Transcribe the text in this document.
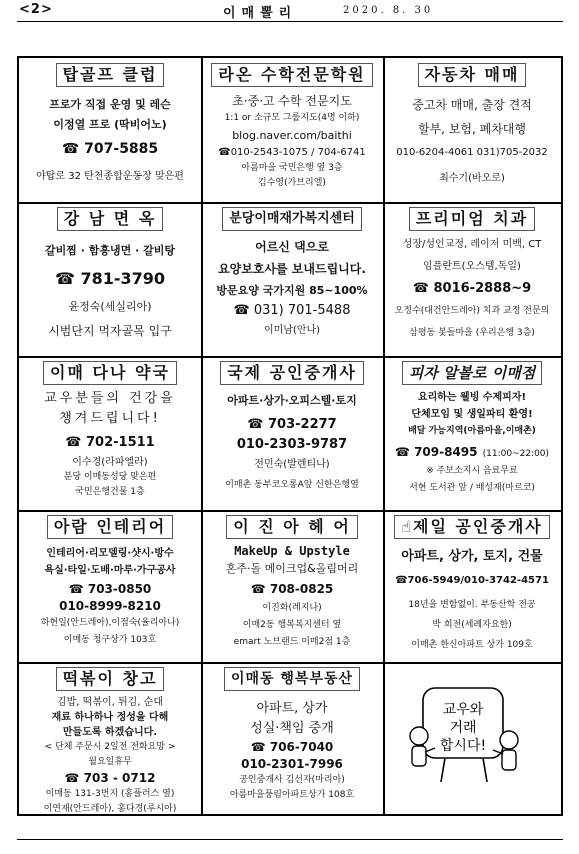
<2>	이매뽈리	2020. 8. 30
탑골프 클럽
프로가 직접 운영 및 레슨
이정열 프로 (딱비어노)
☎ 707-5885
야탑로 32 탄천종합운동장 맞은편
라온 수학전문학원
초·중·고 수학 전문지도
1:1 or 소규모 그룹지도(4명 이하)
blog.naver.com/baithi
☎010-2543-1075 / 704-6741
아름마을 국민은행 옆 3층
김수영(가브리엘)
자동차 매매
중고차 매매, 출장 견적
할부, 보험, 폐차대행
010-6204-4061 031)705-2032
최수기(바오로)
강 남 면 옥
갈비찜 · 함흥냉면 · 갈비탕
☎ 781-3790
윤정숙(세실리아)
시범단지 먹자골목 입구
분당이매재가복지센터
어르신 댁으로
요양보호사를 보내드립니다.
방문요양 국가지원 85~100%
☎ 031) 701-5488
이미남(안나)
프리미엄 치과
성장/성인교정, 레이저 미백, CT
임플란트(오스템,독일)
☎ 8016-2888~9
오정수(대건안드레아) 치과 교정 전문의
삼평동 봇들마을 (우리은행 3층)
이매 다나 약국
교우분들의 건강을
챙겨드립니다!
☎ 702-1511
이수경(라파엘라)
분당 이매동성당 맞은편
국민은행건물 1층
국제 공인중개사
아파트·상가·오피스텔·토지
☎ 703-2277
010-2303-9787
전민숙(발렌티나)
이매촌 동부코오롱A앞 신한은행옆
피자 알볼로 이매점
요리하는 웰빙 수제피자!
단체모임 및 생일파티 환영!
배달 가능지역(아름마을,이매촌)
☎ 709-8495 (11:00~22:00)
※ 주보소지시 음료무료
서현 도서관 앞 / 배성재(마르코)
아람 인테리어
인테리어·리모델링·샷시·방수
욕실·타일·도배·마루·가구공사
☎ 703-0850
010-8999-8210
하현일(안드레아),이점숙(율리아나)
이매동 청구상가 103호
이 진 아 헤 어
MakeUp & Upstyle
혼주·돌 메이크업&올림머리
☎ 708-0825
이진화(레지나)
이매2동 행복복지센터 옆
emart 노브랜드 이매2점 1층
☝제일 공인중개사
아파트, 상가, 토지, 건물
☎706-5949/010-3742-4571
18년을 변함없이. 부동산학 전공
박 희전(세례자요한)
이매촌 한신아파트 상가 109호
떡볶이 창고
김밥, 떡볶이, 튀김, 순대
재료 하나하나 정성을 다해
만들도록 하겠습니다.
< 단체 주문시 2일전 전화요망 >
월요일휴무
☎ 703 - 0712
이매동 131-3번지 (홍플러스 옆)
이연재(안드레아), 홍다경(루시아)
이매동 행복부동산
아파트, 상가
성실·책임 중개
☎ 706-7040
010-2301-7996
공인중개사 김선자(마리아)
아름마을풍림아파트상가 108호
교우와
거래
합시다!
